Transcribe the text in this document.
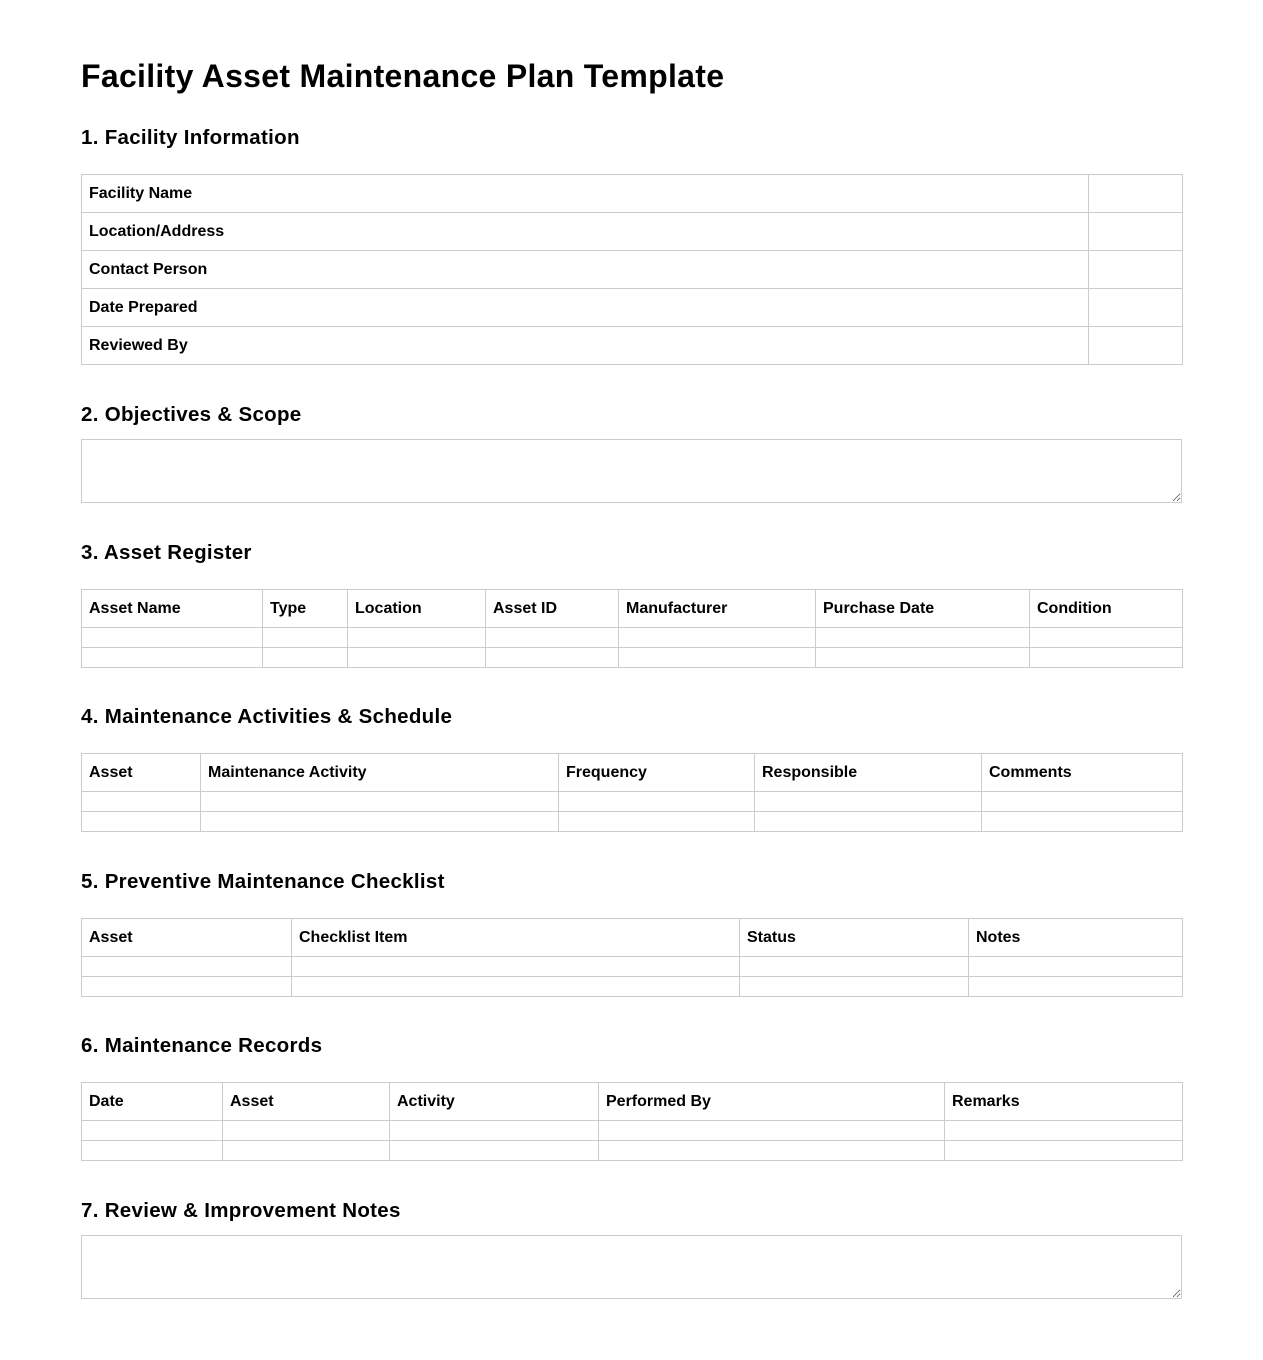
Facility Asset Maintenance Plan Template
1. Facility Information
Facility Name	
Location/Address	
Contact Person	
Date Prepared	
Reviewed By	
2. Objectives & Scope
3. Asset Register
Asset Name	Type	Location	Asset ID	Manufacturer	Purchase Date	Condition

4. Maintenance Activities & Schedule
Asset	Maintenance Activity	Frequency	Responsible	Comments

5. Preventive Maintenance Checklist
Asset	Checklist Item	Status	Notes

6. Maintenance Records
Date	Asset	Activity	Performed By	Remarks

7. Review & Improvement Notes
